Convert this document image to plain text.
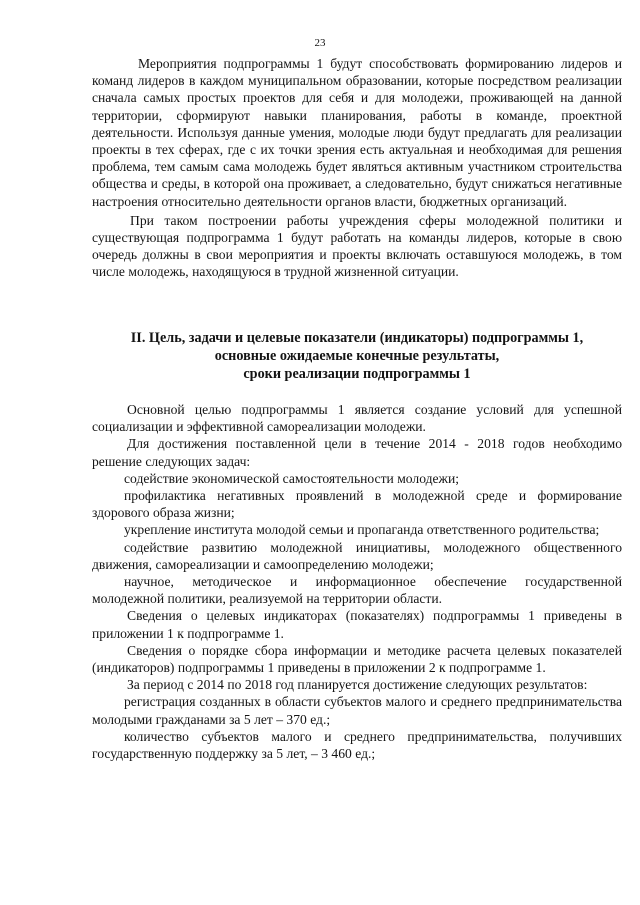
23

Мероприятия подпрограммы 1 будут способствовать формированию лидеров и команд лидеров в каждом муниципальном образовании, которые посредством реализации сначала самых простых проектов для себя и для молодежи, проживающей на данной территории, сформируют навыки планирования, работы в команде, проектной деятельности. Используя данные умения, молодые люди будут предлагать для реализации проекты в тех сферах, где с их точки зрения есть актуальная и необходимая для решения проблема, тем самым сама молодежь будет являться активным участником строительства общества и среды, в которой она проживает, а следовательно, будут снижаться негативные настроения относительно деятельности органов власти, бюджетных организаций.

При таком построении работы учреждения сферы молодежной политики и существующая подпрограмма 1 будут работать на команды лидеров, которые в свою очередь должны в свои мероприятия и проекты включать оставшуюся молодежь, в том числе молодежь, находящуюся в трудной жизненной ситуации.

II. Цель, задачи и целевые показатели (индикаторы) подпрограммы 1,
основные ожидаемые конечные результаты,
сроки реализации подпрограммы 1

Основной целью подпрограммы 1 является создание условий для успешной социализации и эффективной самореализации молодежи.

Для достижения поставленной цели в течение 2014 - 2018 годов необходимо решение следующих задач:

содействие экономической самостоятельности молодежи;

профилактика негативных проявлений в молодежной среде и формирование здорового образа жизни;

укрепление института молодой семьи и пропаганда ответственного родительства;

содействие развитию молодежной инициативы, молодежного общественного движения, самореализации и самоопределению молодежи;

научное, методическое и информационное обеспечение государственной молодежной политики, реализуемой на территории области.

Сведения о целевых индикаторах (показателях) подпрограммы 1 приведены в приложении 1 к подпрограмме 1.

Сведения о порядке сбора информации и методике расчета целевых показателей (индикаторов) подпрограммы 1 приведены в приложении 2 к подпрограмме 1.

За период с 2014 по 2018 год планируется достижение следующих результатов:

регистрация созданных в области субъектов малого и среднего предпринимательства молодыми гражданами за 5 лет – 370 ед.;

количество субъектов малого и среднего предпринимательства, получивших государственную поддержку за 5 лет, – 3 460 ед.;
